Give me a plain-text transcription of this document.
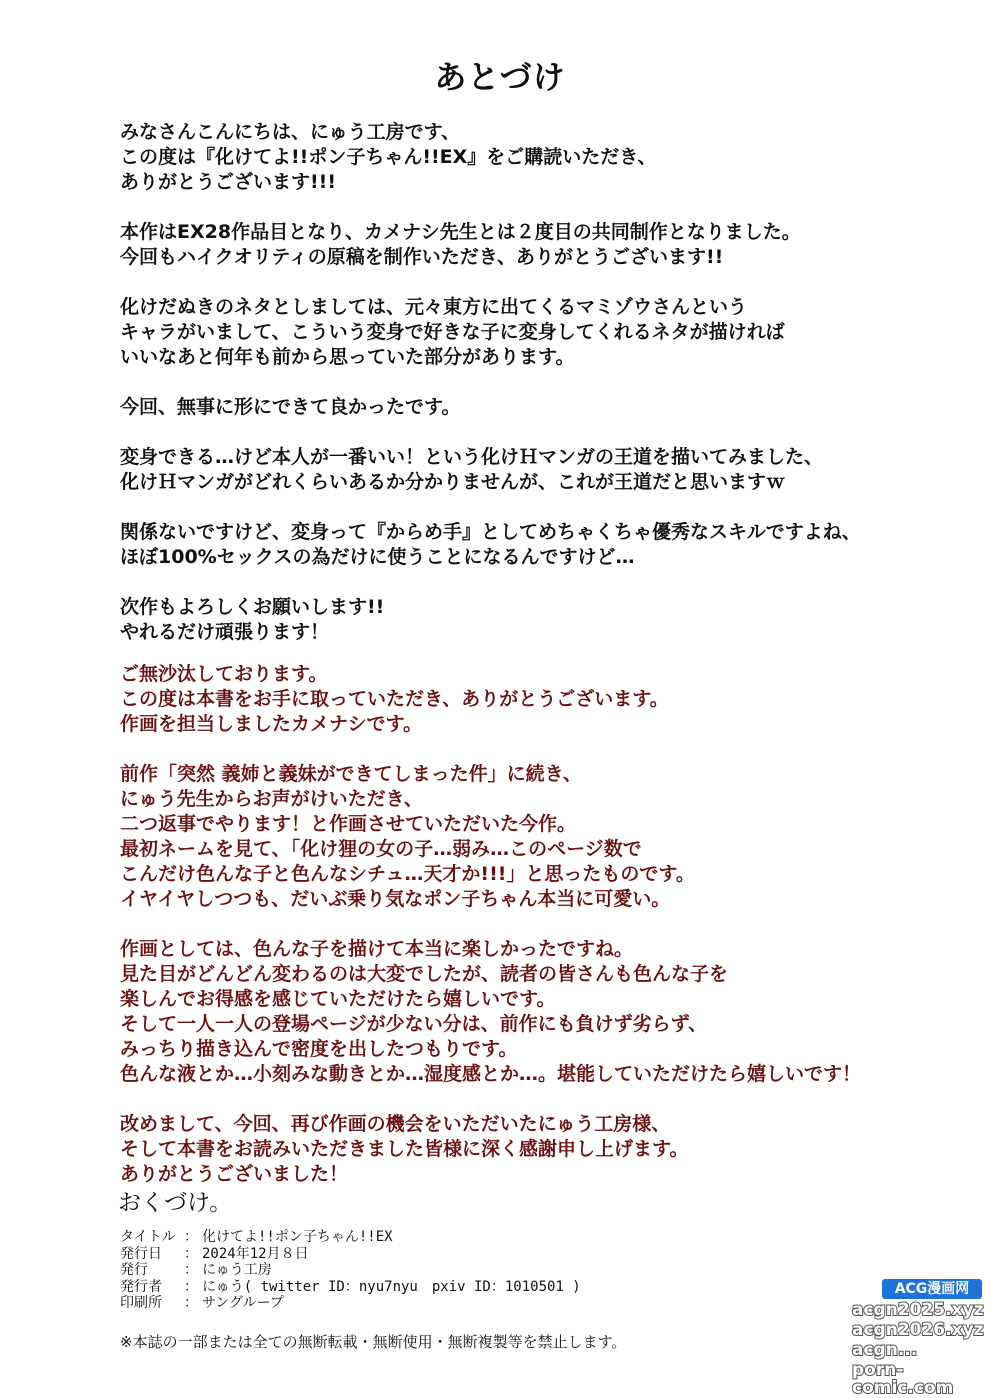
あとづけ
みなさんこんにちは、にゅう工房です、
この度は『化けてよ!!ポン子ちゃん!!EX』をご購読いただき、
ありがとうございます!!!
本作はEX28作品目となり、カメナシ先生とは２度目の共同制作となりました。
今回もハイクオリティの原稿を制作いただき、ありがとうございます!!
化けだぬきのネタとしましては、元々東方に出てくるマミゾウさんという
キャラがいまして、こういう変身で好きな子に変身してくれるネタが描ければ
いいなあと何年も前から思っていた部分があります。
今回、無事に形にできて良かったです。
変身できる…けど本人が一番いい！という化けＨマンガの王道を描いてみました、
化けＨマンガがどれくらいあるか分かりませんが、これが王道だと思いますｗ
関係ないですけど、変身って『からめ手』としてめちゃくちゃ優秀なスキルですよね、
ほぼ100%セックスの為だけに使うことになるんですけど…
次作もよろしくお願いします!!
やれるだけ頑張ります！
ご無沙汰しております。
この度は本書をお手に取っていただき、ありがとうございます。
作画を担当しましたカメナシです。
前作「突然 義姉と義妹ができてしまった件」に続き、
にゅう先生からお声がけいただき、
二つ返事でやります！と作画させていただいた今作。
最初ネームを見て、「化け狸の女の子…弱み…このページ数で
こんだけ色んな子と色んなシチュ…天才か!!!」と思ったものです。
イヤイヤしつつも、だいぶ乗り気なポン子ちゃん本当に可愛い。
作画としては、色んな子を描けて本当に楽しかったですね。
見た目がどんどん変わるのは大変でしたが、読者の皆さんも色んな子を
楽しんでお得感を感じていただけたら嬉しいです。
そして一人一人の登場ページが少ない分は、前作にも負けず劣らず、
みっちり描き込んで密度を出したつもりです。
色んな液とか…小刻みな動きとか…湿度感とか…。堪能していただけたら嬉しいです！
改めまして、今回、再び作画の機会をいただいたにゅう工房様、
そして本書をお読みいただきました皆様に深く感謝申し上げます。
ありがとうございました！
おくづけ。
タイトル ： 化けてよ!!ポン子ちゃん!!EX
発行日	： 2024年12月８日
発行	： にゅう工房
発行者	： にゅう( twitter ID：nyu7nyu　pxiv ID：1010501 )
印刷所	： サングループ
※本誌の一部または全ての無断転載・無断使用・無断複製等を禁止します。
ACG漫画网
acgn2025.xyz
acgn2026.xyz
acgn...
porn-comic.com
